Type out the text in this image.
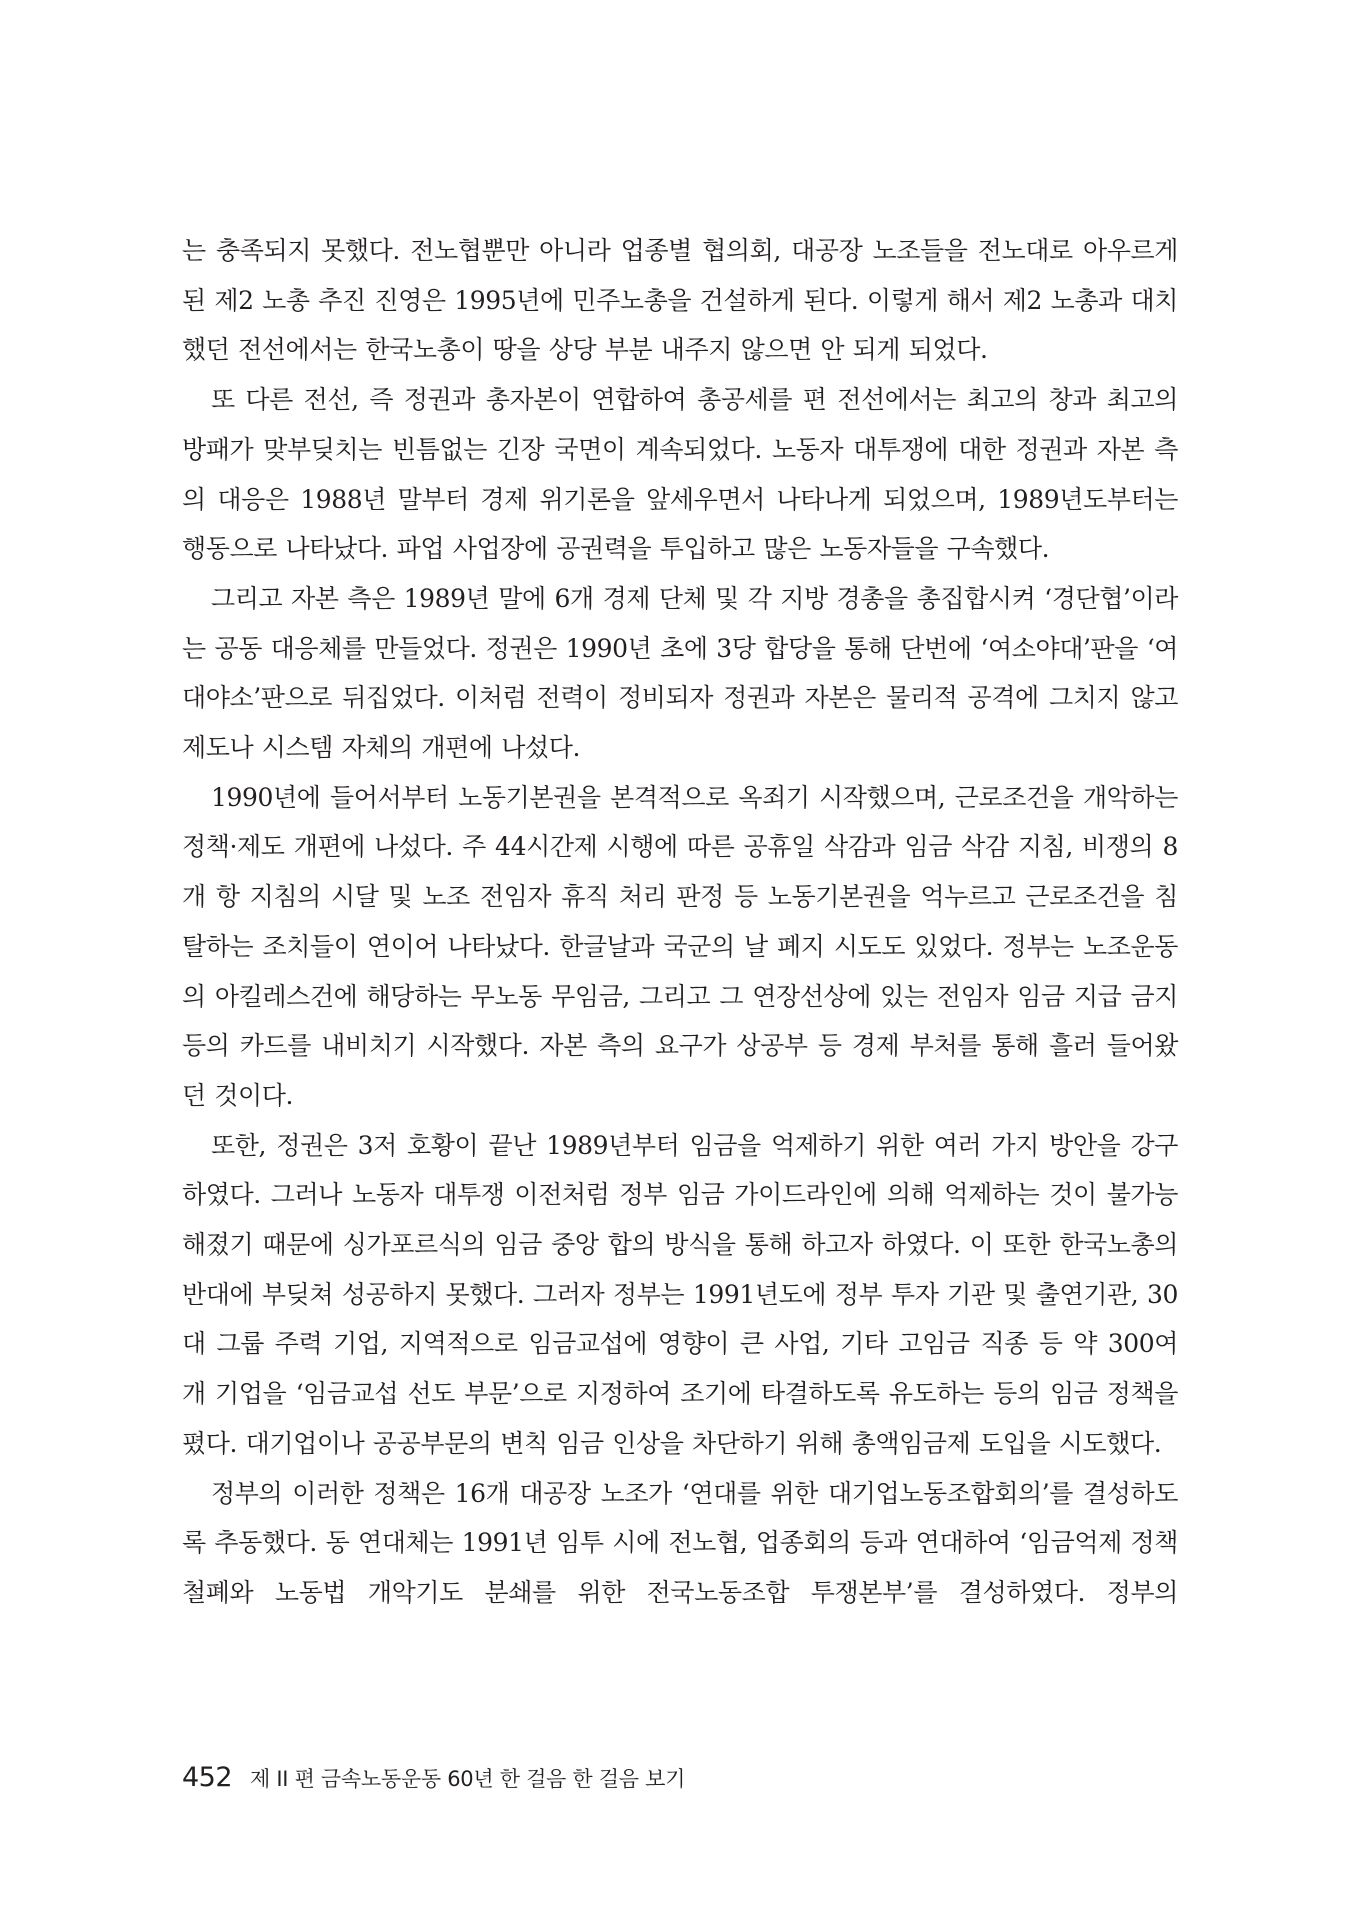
는 충족되지 못했다. 전노협뿐만 아니라 업종별 협의회, 대공장 노조들을 전노대로 아우르게 된 제2 노총 추진 진영은 1995년에 민주노총을 건설하게 된다. 이렇게 해서 제2 노총과 대치했던 전선에서는 한국노총이 땅을 상당 부분 내주지 않으면 안 되게 되었다.

또 다른 전선, 즉 정권과 총자본이 연합하여 총공세를 편 전선에서는 최고의 창과 최고의 방패가 맞부딪치는 빈틈없는 긴장 국면이 계속되었다. 노동자 대투쟁에 대한 정권과 자본 측의 대응은 1988년 말부터 경제 위기론을 앞세우면서 나타나게 되었으며, 1989년도부터는 행동으로 나타났다. 파업 사업장에 공권력을 투입하고 많은 노동자들을 구속했다.

그리고 자본 측은 1989년 말에 6개 경제 단체 및 각 지방 경총을 총집합시켜 ‘경단협’이라는 공동 대응체를 만들었다. 정권은 1990년 초에 3당 합당을 통해 단번에 ‘여소야대’판을 ‘여대야소’판으로 뒤집었다. 이처럼 전력이 정비되자 정권과 자본은 물리적 공격에 그치지 않고 제도나 시스템 자체의 개편에 나섰다.

1990년에 들어서부터 노동기본권을 본격적으로 옥죄기 시작했으며, 근로조건을 개악하는 정책·제도 개편에 나섰다. 주 44시간제 시행에 따른 공휴일 삭감과 임금 삭감 지침, 비쟁의 8개 항 지침의 시달 및 노조 전임자 휴직 처리 판정 등 노동기본권을 억누르고 근로조건을 침탈하는 조치들이 연이어 나타났다. 한글날과 국군의 날 폐지 시도도 있었다. 정부는 노조운동의 아킬레스건에 해당하는 무노동 무임금, 그리고 그 연장선상에 있는 전임자 임금 지급 금지 등의 카드를 내비치기 시작했다. 자본 측의 요구가 상공부 등 경제 부처를 통해 흘러 들어왔던 것이다.

또한, 정권은 3저 호황이 끝난 1989년부터 임금을 억제하기 위한 여러 가지 방안을 강구하였다. 그러나 노동자 대투쟁 이전처럼 정부 임금 가이드라인에 의해 억제하는 것이 불가능해졌기 때문에 싱가포르식의 임금 중앙 합의 방식을 통해 하고자 하였다. 이 또한 한국노총의 반대에 부딪쳐 성공하지 못했다. 그러자 정부는 1991년도에 정부 투자 기관 및 출연기관, 30대 그룹 주력 기업, 지역적으로 임금교섭에 영향이 큰 사업, 기타 고임금 직종 등 약 300여 개 기업을 ‘임금교섭 선도 부문’으로 지정하여 조기에 타결하도록 유도하는 등의 임금 정책을 폈다. 대기업이나 공공부문의 변칙 임금 인상을 차단하기 위해 총액임금제 도입을 시도했다.

정부의 이러한 정책은 16개 대공장 노조가 ‘연대를 위한 대기업노동조합회의’를 결성하도록 추동했다. 동 연대체는 1991년 임투 시에 전노협, 업종회의 등과 연대하여 ‘임금억제 정책 철폐와 노동법 개악기도 분쇄를 위한 전국노동조합 투쟁본부’를 결성하였다. 정부의

452 제 II 편 금속노동운동 60년 한 걸음 한 걸음 보기
